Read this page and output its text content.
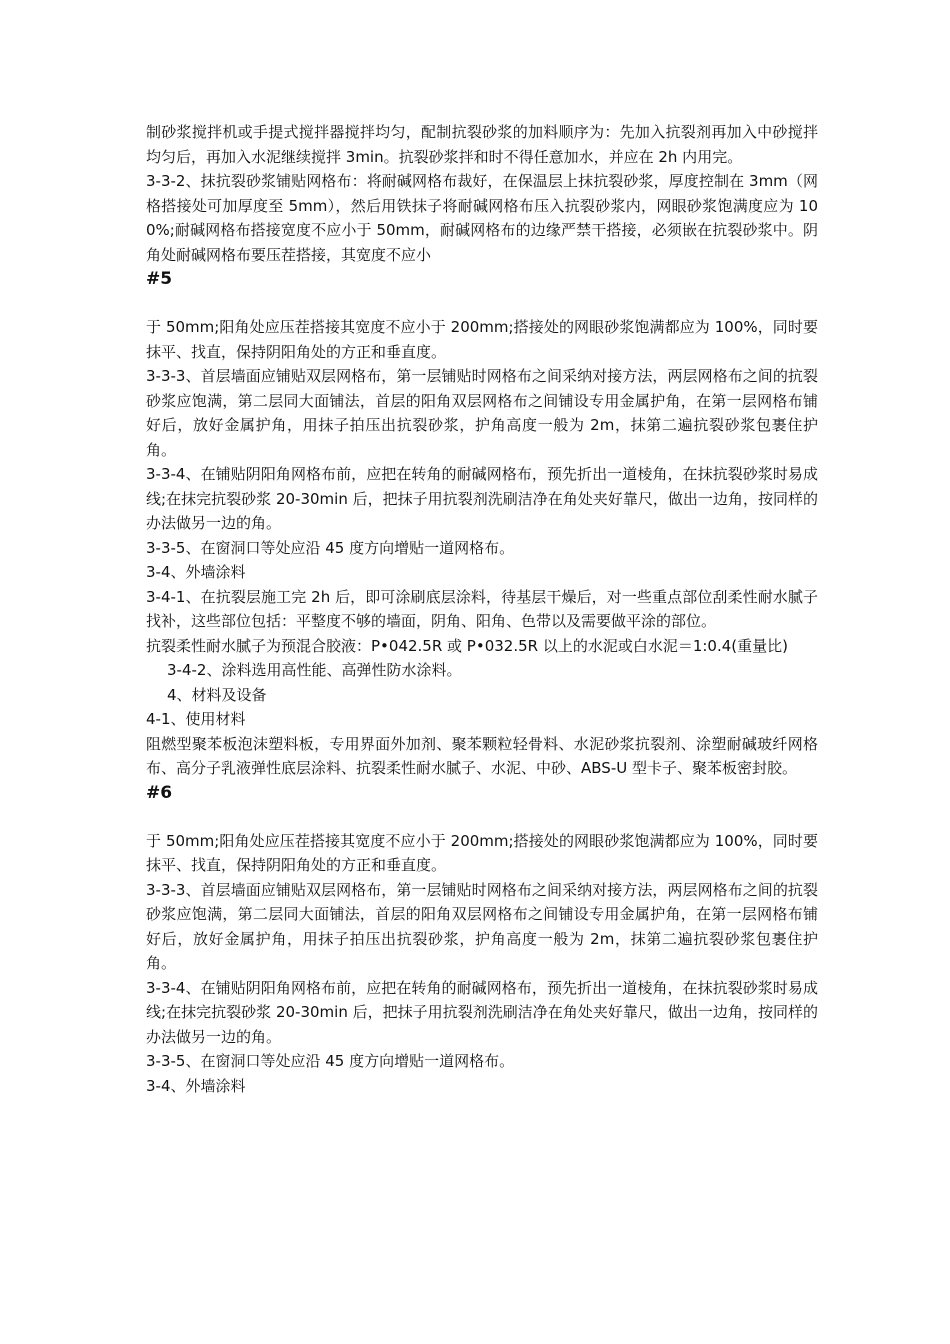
制砂浆搅拌机或手提式搅拌器搅拌均匀，配制抗裂砂浆的加料顺序为：先加入抗裂剂再加入中砂搅拌均匀后，再加入水泥继续搅拌 3min。抗裂砂浆拌和时不得任意加水，并应在 2h 内用完。

3-3-2、抹抗裂砂浆铺贴网格布：将耐碱网格布裁好，在保温层上抹抗裂砂浆，厚度控制在 3mm（网格搭接处可加厚度至 5mm），然后用铁抹子将耐碱网格布压入抗裂砂浆内，网眼砂浆饱满度应为 100%;耐碱网格布搭接宽度不应小于 50mm，耐碱网格布的边缘严禁干搭接，必须嵌在抗裂砂浆中。阴角处耐碱网格布要压茬搭接，其宽度不应小

#5

于 50mm;阳角处应压茬搭接其宽度不应小于 200mm;搭接处的网眼砂浆饱满都应为 100%，同时要抹平、找直，保持阴阳角处的方正和垂直度。

3-3-3、首层墙面应铺贴双层网格布，第一层铺贴时网格布之间采纳对接方法，两层网格布之间的抗裂砂浆应饱满，第二层同大面铺法，首层的阳角双层网格布之间铺设专用金属护角，在第一层网格布铺好后，放好金属护角，用抹子拍压出抗裂砂浆，护角高度一般为 2m，抹第二遍抗裂砂浆包裹住护角。

3-3-4、在铺贴阴阳角网格布前，应把在转角的耐碱网格布，预先折出一道棱角，在抹抗裂砂浆时易成线;在抹完抗裂砂浆 20-30min 后，把抹子用抗裂剂洗刷洁净在角处夹好靠尺，做出一边角，按同样的办法做另一边的角。

3-3-5、在窗洞口等处应沿 45 度方向增贴一道网格布。

3-4、外墙涂料

3-4-1、在抗裂层施工完 2h 后，即可涂刷底层涂料，待基层干燥后，对一些重点部位刮柔性耐水腻子找补，这些部位包括：平整度不够的墙面，阴角、阳角、色带以及需要做平涂的部位。

抗裂柔性耐水腻子为预混合胶液：P•042.5R 或 P•032.5R 以上的水泥或白水泥＝1:0.4(重量比)

3-4-2、涂料选用高性能、高弹性防水涂料。

4、材料及设备

4-1、使用材料

阻燃型聚苯板泡沫塑料板，专用界面外加剂、聚苯颗粒轻骨料、水泥砂浆抗裂剂、涂塑耐碱玻纤网格布、高分子乳液弹性底层涂料、抗裂柔性耐水腻子、水泥、中砂、ABS-U 型卡子、聚苯板密封胶。

#6

于 50mm;阳角处应压茬搭接其宽度不应小于 200mm;搭接处的网眼砂浆饱满都应为 100%，同时要抹平、找直，保持阴阳角处的方正和垂直度。

3-3-3、首层墙面应铺贴双层网格布，第一层铺贴时网格布之间采纳对接方法，两层网格布之间的抗裂砂浆应饱满，第二层同大面铺法，首层的阳角双层网格布之间铺设专用金属护角，在第一层网格布铺好后，放好金属护角，用抹子拍压出抗裂砂浆，护角高度一般为 2m，抹第二遍抗裂砂浆包裹住护角。

3-3-4、在铺贴阴阳角网格布前，应把在转角的耐碱网格布，预先折出一道棱角，在抹抗裂砂浆时易成线;在抹完抗裂砂浆 20-30min 后，把抹子用抗裂剂洗刷洁净在角处夹好靠尺，做出一边角，按同样的办法做另一边的角。

3-3-5、在窗洞口等处应沿 45 度方向增贴一道网格布。

3-4、外墙涂料
